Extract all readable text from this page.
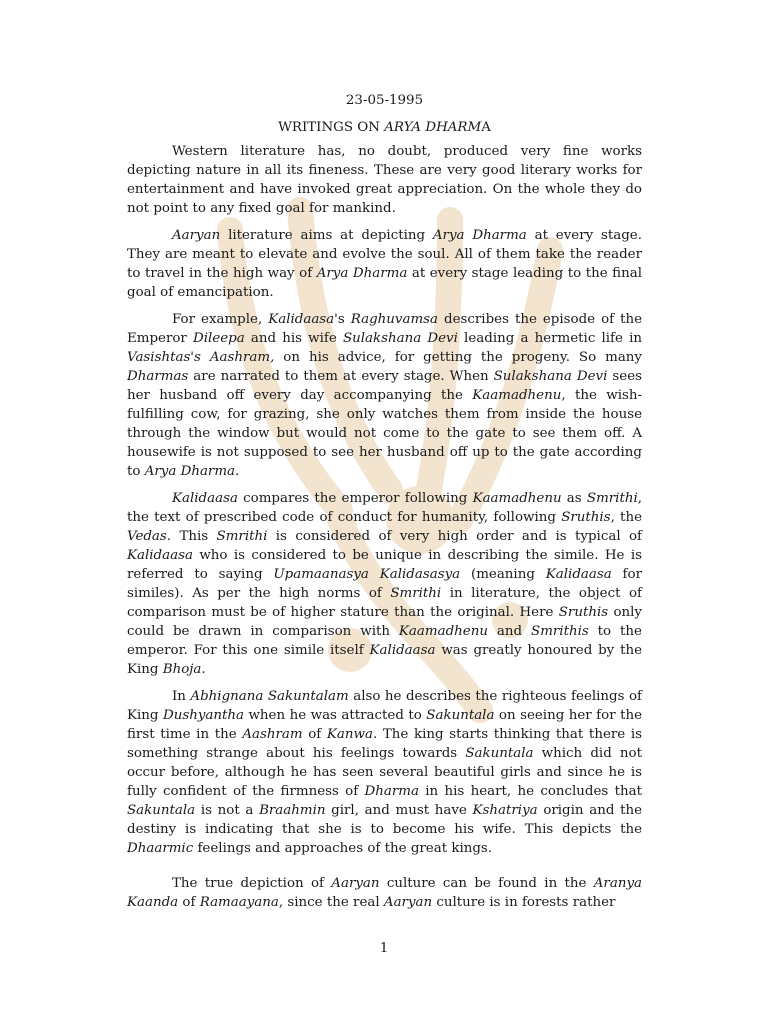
23-05-1995

WRITINGS ON ARYA DHARMA

Western literature has, no doubt, produced very fine works depicting nature in all its fineness. These are very good literary works for entertainment and have invoked great appreciation. On the whole they do not point to any fixed goal for mankind.

Aaryan literature aims at depicting Arya Dharma at every stage. They are meant to elevate and evolve the soul. All of them take the reader to travel in the high way of Arya Dharma at every stage leading to the final goal of emancipation.

For example, Kalidaasa's Raghuvamsa describes the episode of the Emperor Dileepa and his wife Sulakshana Devi leading a hermetic life in Vasishtas's Aashram, on his advice, for getting the progeny. So many Dharmas are narrated to them at every stage. When Sulakshana Devi sees her husband off every day accompanying the Kaamadhenu, the wish-fulfilling cow, for grazing, she only watches them from inside the house through the window but would not come to the gate to see them off. A housewife is not supposed to see her husband off up to the gate according to Arya Dharma.

Kalidaasa compares the emperor following Kaamadhenu as Smrithi, the text of prescribed code of conduct for humanity, following Sruthis, the Vedas. This Smrithi is considered of very high order and is typical of Kalidaasa who is considered to be unique in describing the simile. He is referred to saying Upamaanasya Kalidasasya (meaning Kalidaasa for similes). As per the high norms of Smrithi in literature, the object of comparison must be of higher stature than the original. Here Sruthis only could be drawn in comparison with Kaamadhenu and Smrithis to the emperor. For this one simile itself Kalidaasa was greatly honoured by the King Bhoja.

In Abhignana Sakuntalam also he describes the righteous feelings of King Dushyantha when he was attracted to Sakuntala on seeing her for the first time in the Aashram of Kanwa. The king starts thinking that there is something strange about his feelings towards Sakuntala which did not occur before, although he has seen several beautiful girls and since he is fully confident of the firmness of Dharma in his heart, he concludes that Sakuntala is not a Braahmin girl, and must have Kshatriya origin and the destiny is indicating that she is to become his wife. This depicts the Dhaarmic feelings and approaches of the great kings.

The true depiction of Aaryan culture can be found in the Aranya Kaanda of Ramaayana, since the real Aaryan culture is in forests rather

1
